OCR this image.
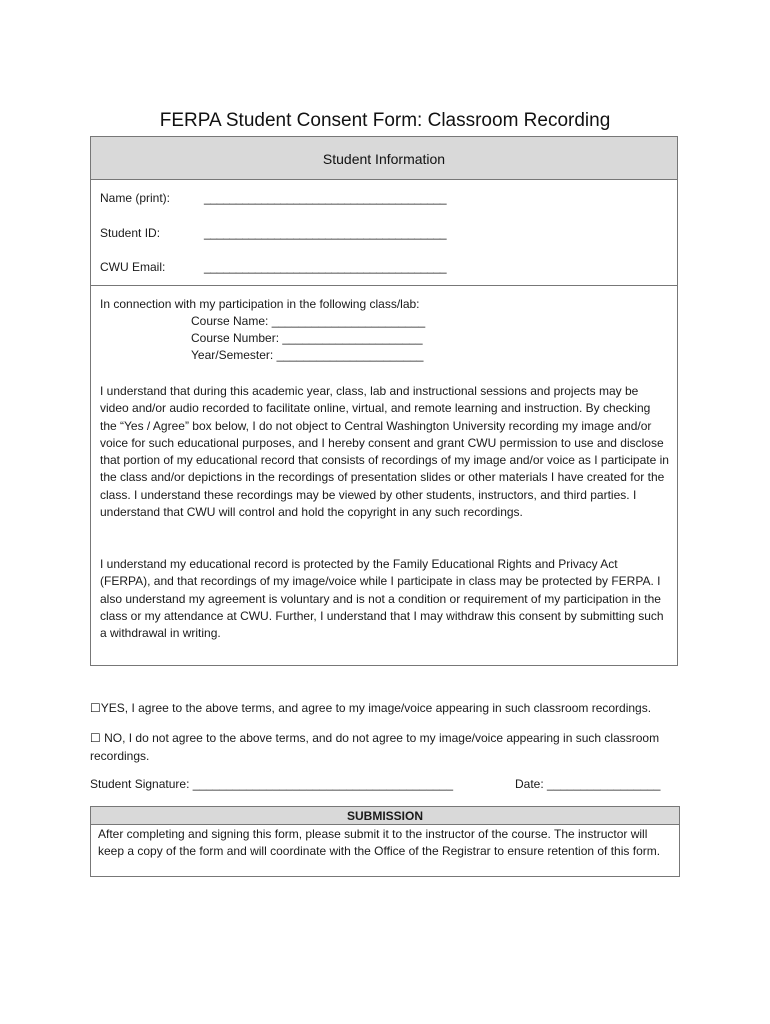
FERPA Student Consent Form: Classroom Recording
Student Information
Name (print):	______________________________________
Student ID:	______________________________________
CWU Email:	______________________________________
In connection with my participation in the following class/lab:
Course Name: _______________________
Course Number: _____________________
Year/Semester: ______________________
I understand that during this academic year, class, lab and instructional sessions and projects may be video and/or audio recorded to facilitate online, virtual, and remote learning and instruction. By checking the “Yes / Agree” box below, I do not object to Central Washington University recording my image and/or voice for such educational purposes, and I hereby consent and grant CWU permission to use and disclose that portion of my educational record that consists of recordings of my image and/or voice as I participate in the class and/or depictions in the recordings of presentation slides or other materials I have created for the class. I understand these recordings may be viewed by other students, instructors, and third parties. I understand that CWU will control and hold the copyright in any such recordings.
I understand my educational record is protected by the Family Educational Rights and Privacy Act (FERPA), and that recordings of my image/voice while I participate in class may be protected by FERPA. I also understand my agreement is voluntary and is not a condition or requirement of my participation in the class or my attendance at CWU. Further, I understand that I may withdraw this consent by submitting such a withdrawal in writing.
☐YES, I agree to the above terms, and agree to my image/voice appearing in such classroom recordings.
☐ NO, I do not agree to the above terms, and do not agree to my image/voice appearing in such classroom recordings.
Student Signature: _______________________________________	Date: _________________
SUBMISSION
After completing and signing this form, please submit it to the instructor of the course. The instructor will keep a copy of the form and will coordinate with the Office of the Registrar to ensure retention of this form.
